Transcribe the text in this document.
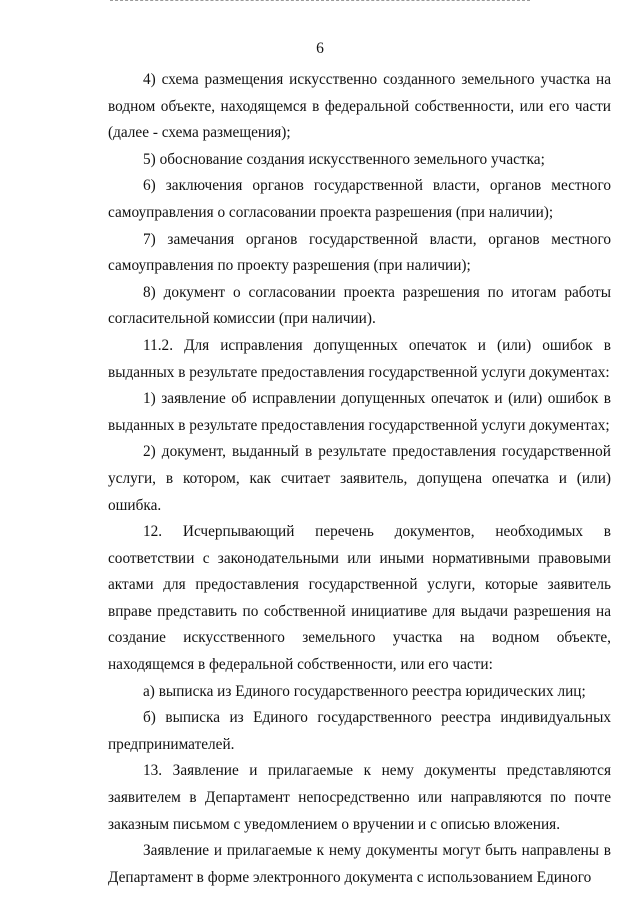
6

4) схема размещения искусственно созданного земельного участка на водном объекте, находящемся в федеральной собственности, или его части (далее - схема размещения);

5) обоснование создания искусственного земельного участка;

6) заключения органов государственной власти, органов местного самоуправления о согласовании проекта разрешения (при наличии);

7) замечания органов государственной власти, органов местного самоуправления по проекту разрешения (при наличии);

8) документ о согласовании проекта разрешения по итогам работы согласительной комиссии (при наличии).

11.2. Для исправления допущенных опечаток и (или) ошибок в выданных в результате предоставления государственной услуги документах:

1) заявление об исправлении допущенных опечаток и (или) ошибок в выданных в результате предоставления государственной услуги документах;

2) документ, выданный в результате предоставления государственной услуги, в котором, как считает заявитель, допущена опечатка и (или) ошибка.

12. Исчерпывающий перечень документов, необходимых в соответствии с законодательными или иными нормативными правовыми актами для предоставления государственной услуги, которые заявитель вправе представить по собственной инициативе для выдачи разрешения на создание искусственного земельного участка на водном объекте, находящемся в федеральной собственности, или его части:

а) выписка из Единого государственного реестра юридических лиц;

б) выписка из Единого государственного реестра индивидуальных предпринимателей.

13. Заявление и прилагаемые к нему документы представляются заявителем в Департамент непосредственно или направляются по почте заказным письмом с уведомлением о вручении и с описью вложения.

Заявление и прилагаемые к нему документы могут быть направлены в Департамент в форме электронного документа с использованием Единого
